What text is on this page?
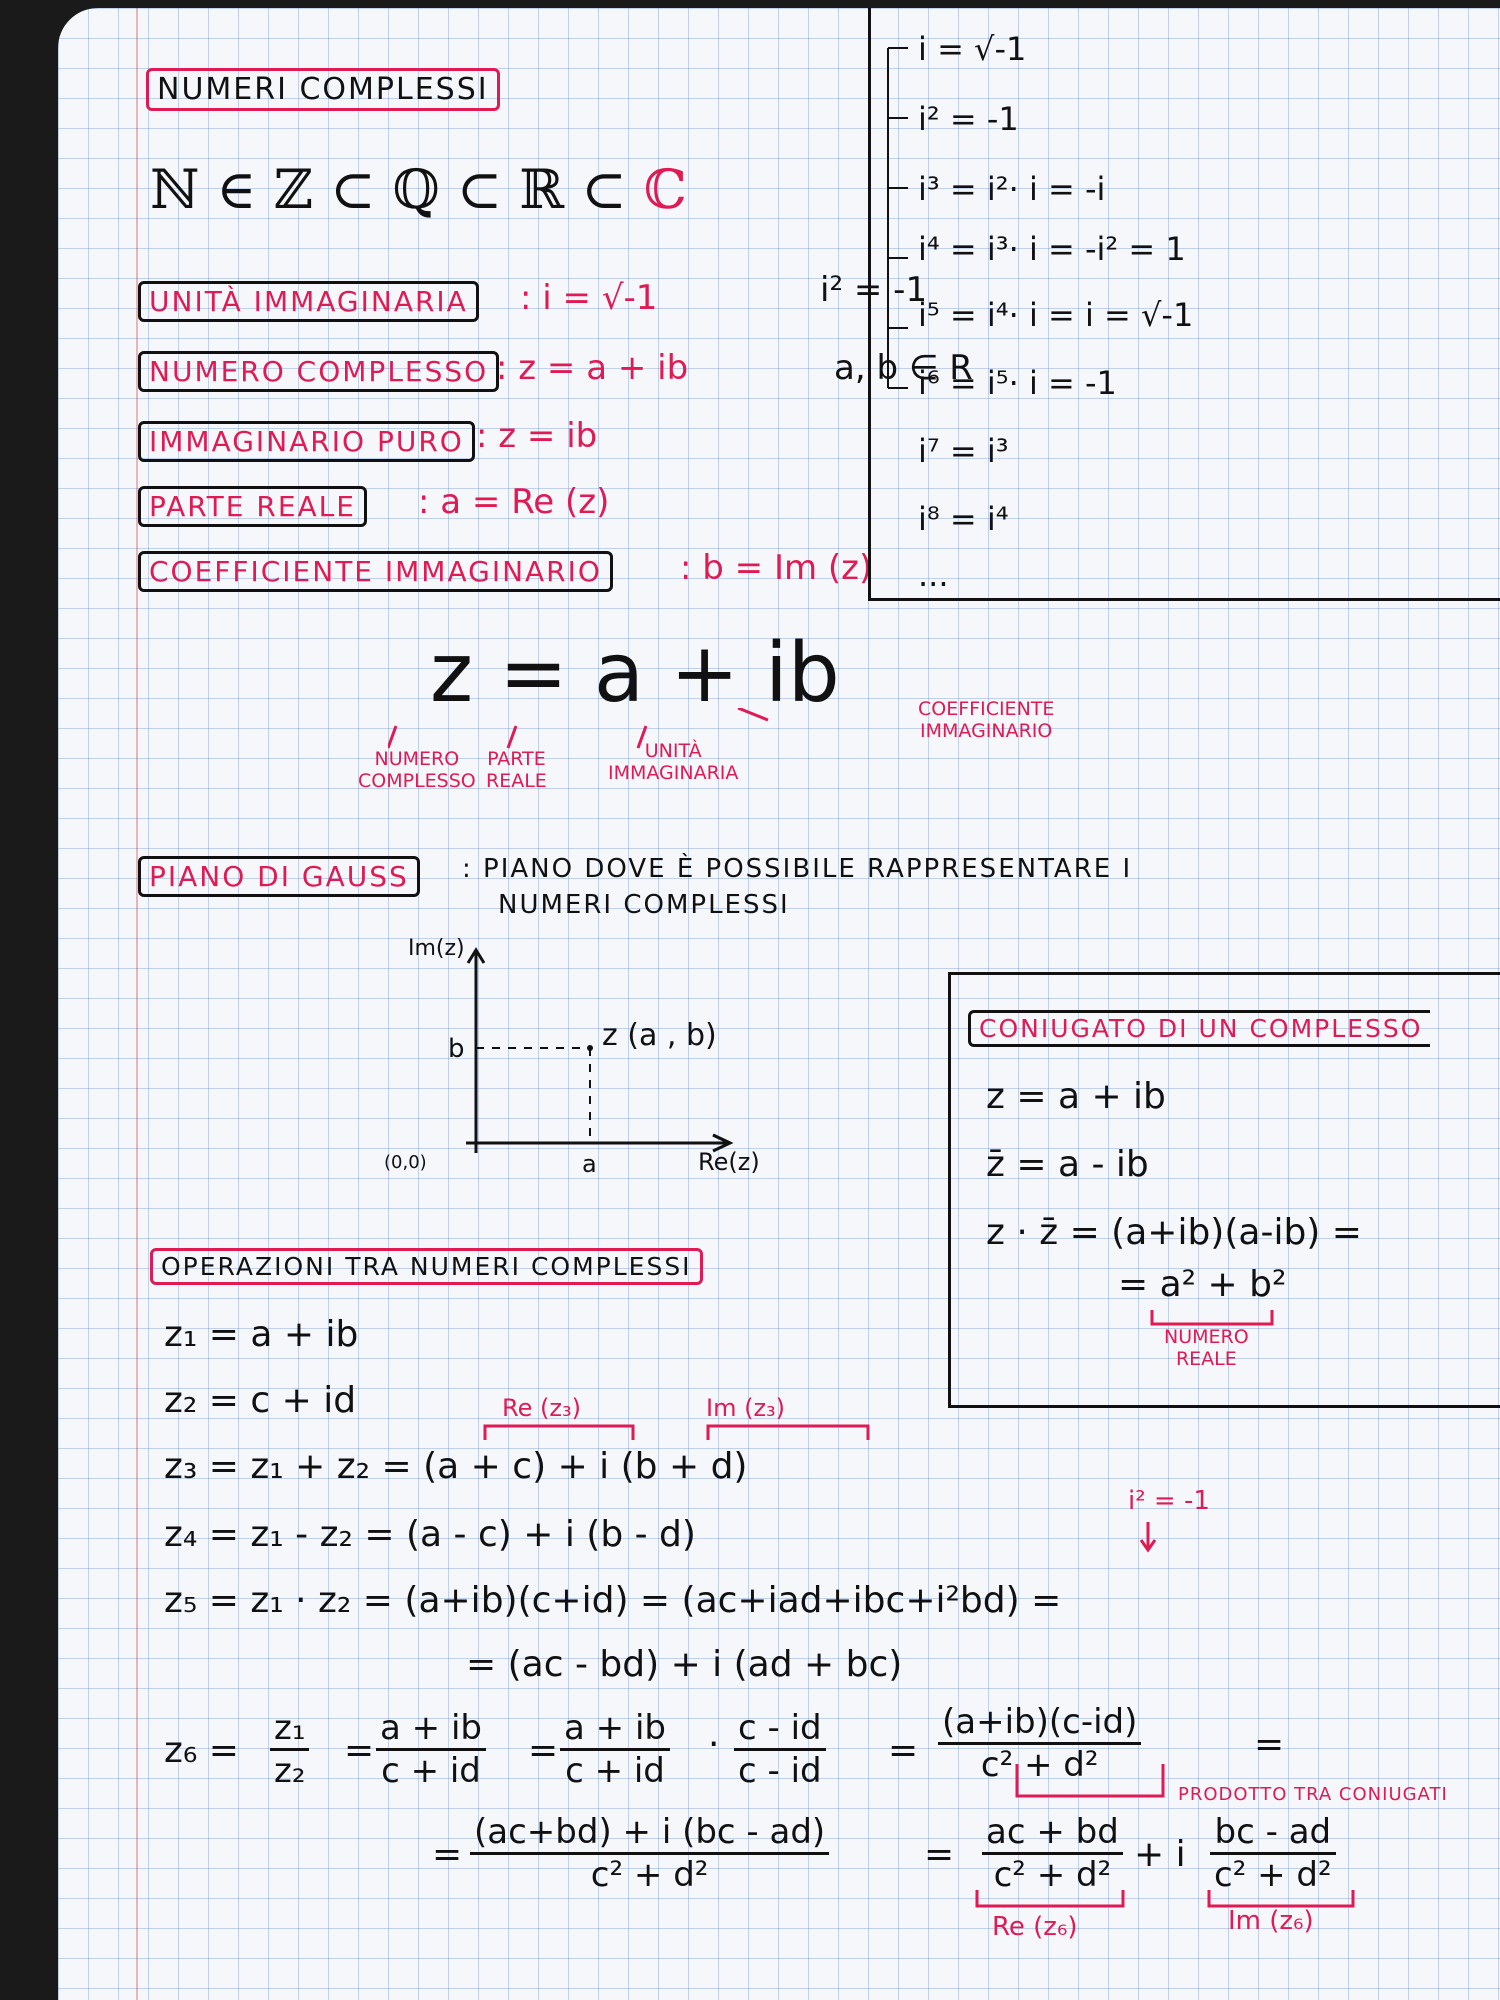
NUMERI COMPLESSI
ℕ ∈ ℤ ⊂ ℚ ⊂ ℝ ⊂ ℂ
UNITÀ IMMAGINARIA	: i = √-1	i² = -1
NUMERO COMPLESSO : z = a + ib	a, b ∈ R
IMMAGINARIO PURO : z = ib
PARTE REALE	: a = Re (z)
COEFFICIENTE IMMAGINARIO	: b = Im (z)
i = √-1
i² = -1
i³ = i²· i = -i
i⁴ = i³· i = -i² = 1
i⁵ = i⁴· i = i = √-1
i⁶ = i⁵· i = -1
i⁷ = i³
i⁸ = i⁴
...
z = a + ib
NUMERO
COMPLESSO
PARTE
REALE
UNITÀ
IMMAGINARIA
COEFFICIENTE
IMMAGINARIO
PIANO DI GAUSS	: PIANO DOVE È POSSIBILE RAPPRESENTARE I
NUMERI COMPLESSI
Im(z)
Re(z)
(0,0)
b
a
z (a , b)	CONIUGATO DI UN COMPLESSO
z = a + ib
z̄ = a - ib
z · z̄ = (a+ib)(a-ib) =
= a² + b²
NUMERO
REALE
OPERAZIONI TRA NUMERI COMPLESSI
z₁ = a + ib
z₂ = c + id	Re (z₃)	Im (z₃)
z₃ = z₁ + z₂ = (a + c) + i (b + d)
i² = -1
z₄ = z₁ - z₂ = (a - c) + i (b - d)
z₅ = z₁ · z₂ = (a+ib)(c+id) = (ac+iad+ibc+i²bd) =
= (ac - bd) + i (ad + bc)
$z_6 = \frac{\text{z₁}}{\text{z₂}} = \frac{a + ib}{c + id} = \frac{a + ib}{c + id} \cdot \frac{c - id}{c - id} = \frac{(a+ib)(c-id)}{\text{c² + d²}}$	=
PRODOTTO TRA CONIUGATI
= $\frac{(ac+bd) + i (bc - ad)}{\text{c² + d²}}$	= $\frac{ac + bd}{\text{c² + d²}} + i \frac{bc - ad}{\text{c² + d²}}$
Re (z₆)	Im (z₆)
